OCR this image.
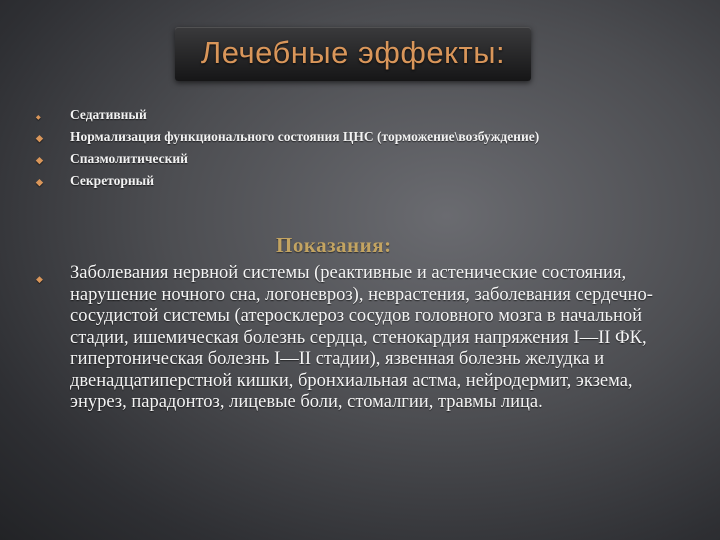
Лечебные эффекты:
◆ Седативный
◆ Нормализация функционального состояния ЦНС (торможение\возбуждение)
◆ Спазмолитический
◆ Секреторный
Показания:
◆ Заболевания нервной системы (реактивные и астенические состояния, нарушение ночного сна, логоневроз), неврастения, заболевания сердечно-сосудистой системы (атеросклероз сосудов головного мозга в начальной стадии, ишемическая болезнь сердца, стенокардия напряжения I—II ФК, гипертоническая болезнь I—II стадии), язвенная болезнь желудка и двенадцатиперстной кишки, бронхиальная астма, нейродермит, экзема, энурез, парадонтоз, лицевые боли, стомалгии, травмы лица.
